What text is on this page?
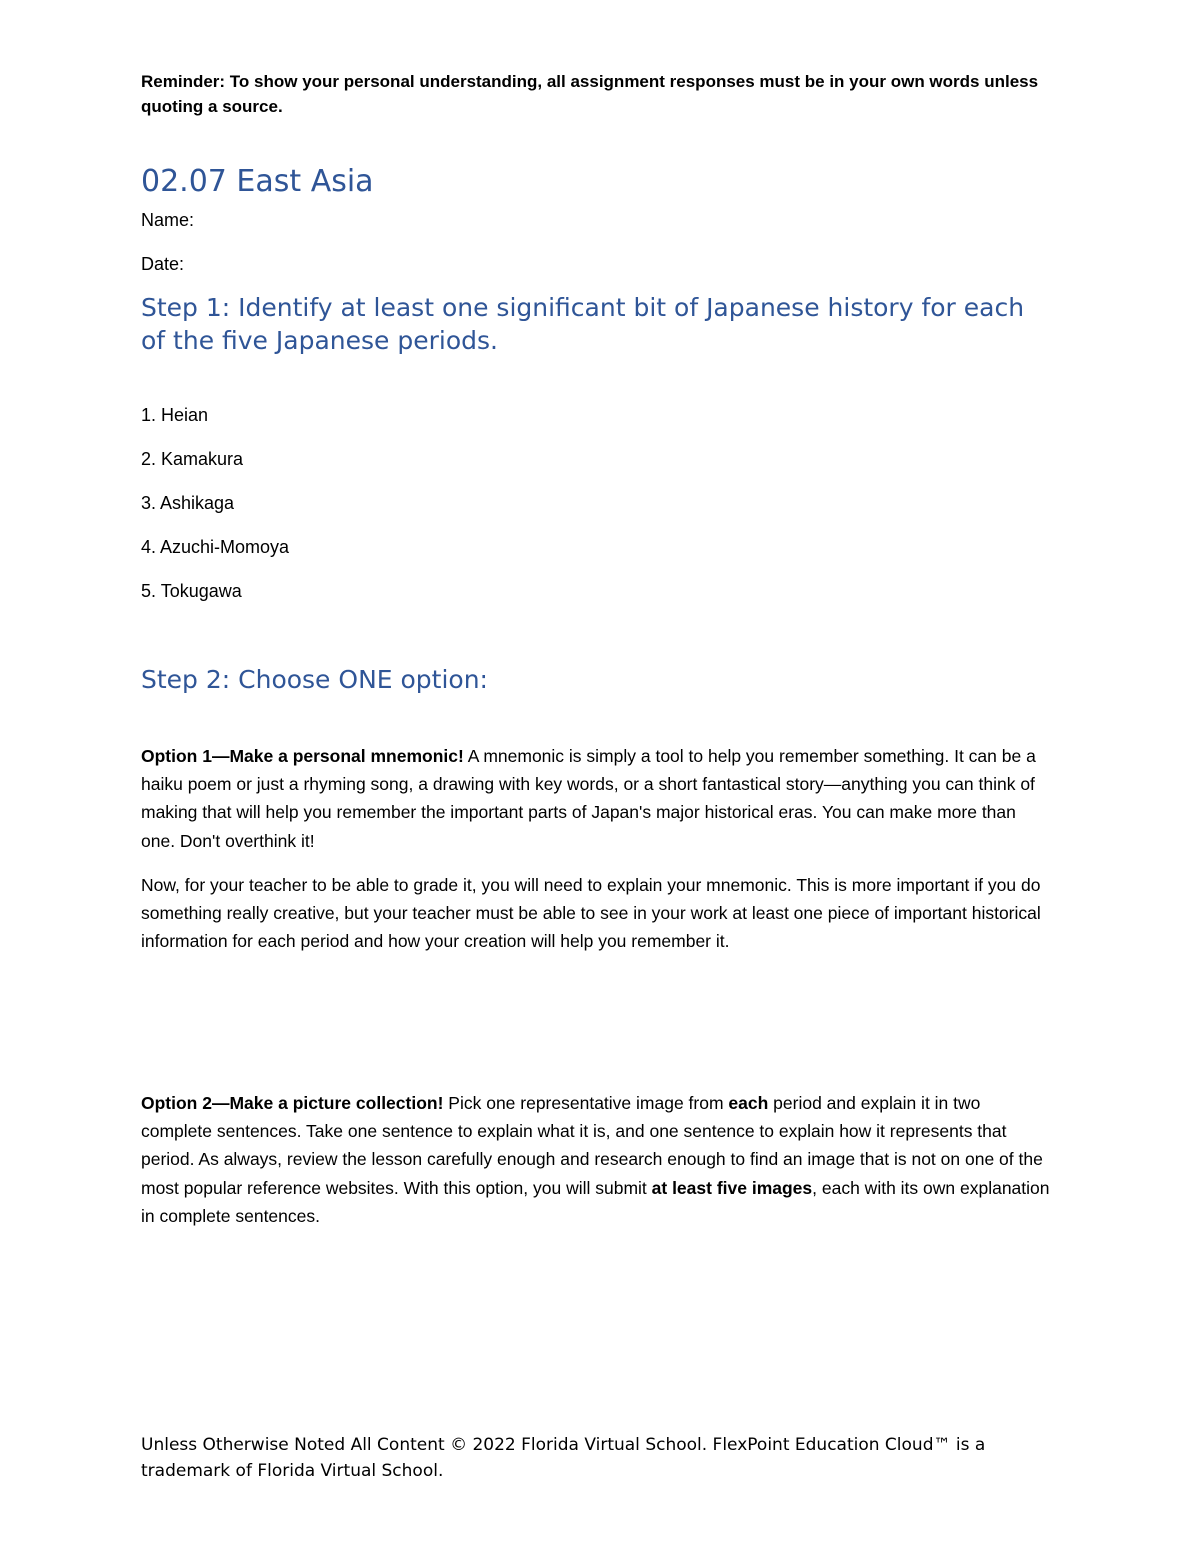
Reminder: To show your personal understanding, all assignment responses must be in your own words unless quoting a source.

02.07 East Asia

Name:

Date:

Step 1: Identify at least one significant bit of Japanese history for each of the five Japanese periods.
1. Heian
2. Kamakura
3. Ashikaga
4. Azuchi-Momoya
5. Tokugawa
Step 2: Choose ONE option:

Option 1—Make a personal mnemonic! A mnemonic is simply a tool to help you remember something. It can be a haiku poem or just a rhyming song, a drawing with key words, or a short fantastical story—anything you can think of making that will help you remember the important parts of Japan's major historical eras. You can make more than one. Don't overthink it!

Now, for your teacher to be able to grade it, you will need to explain your mnemonic. This is more important if you do something really creative, but your teacher must be able to see in your work at least one piece of important historical information for each period and how your creation will help you remember it.

Option 2—Make a picture collection! Pick one representative image from each period and explain it in two complete sentences. Take one sentence to explain what it is, and one sentence to explain how it represents that period. As always, review the lesson carefully enough and research enough to find an image that is not on one of the most popular reference websites. With this option, you will submit at least five images, each with its own explanation in complete sentences.

Unless Otherwise Noted All Content © 2022 Florida Virtual School. FlexPoint Education Cloud™ is a trademark of Florida Virtual School.
